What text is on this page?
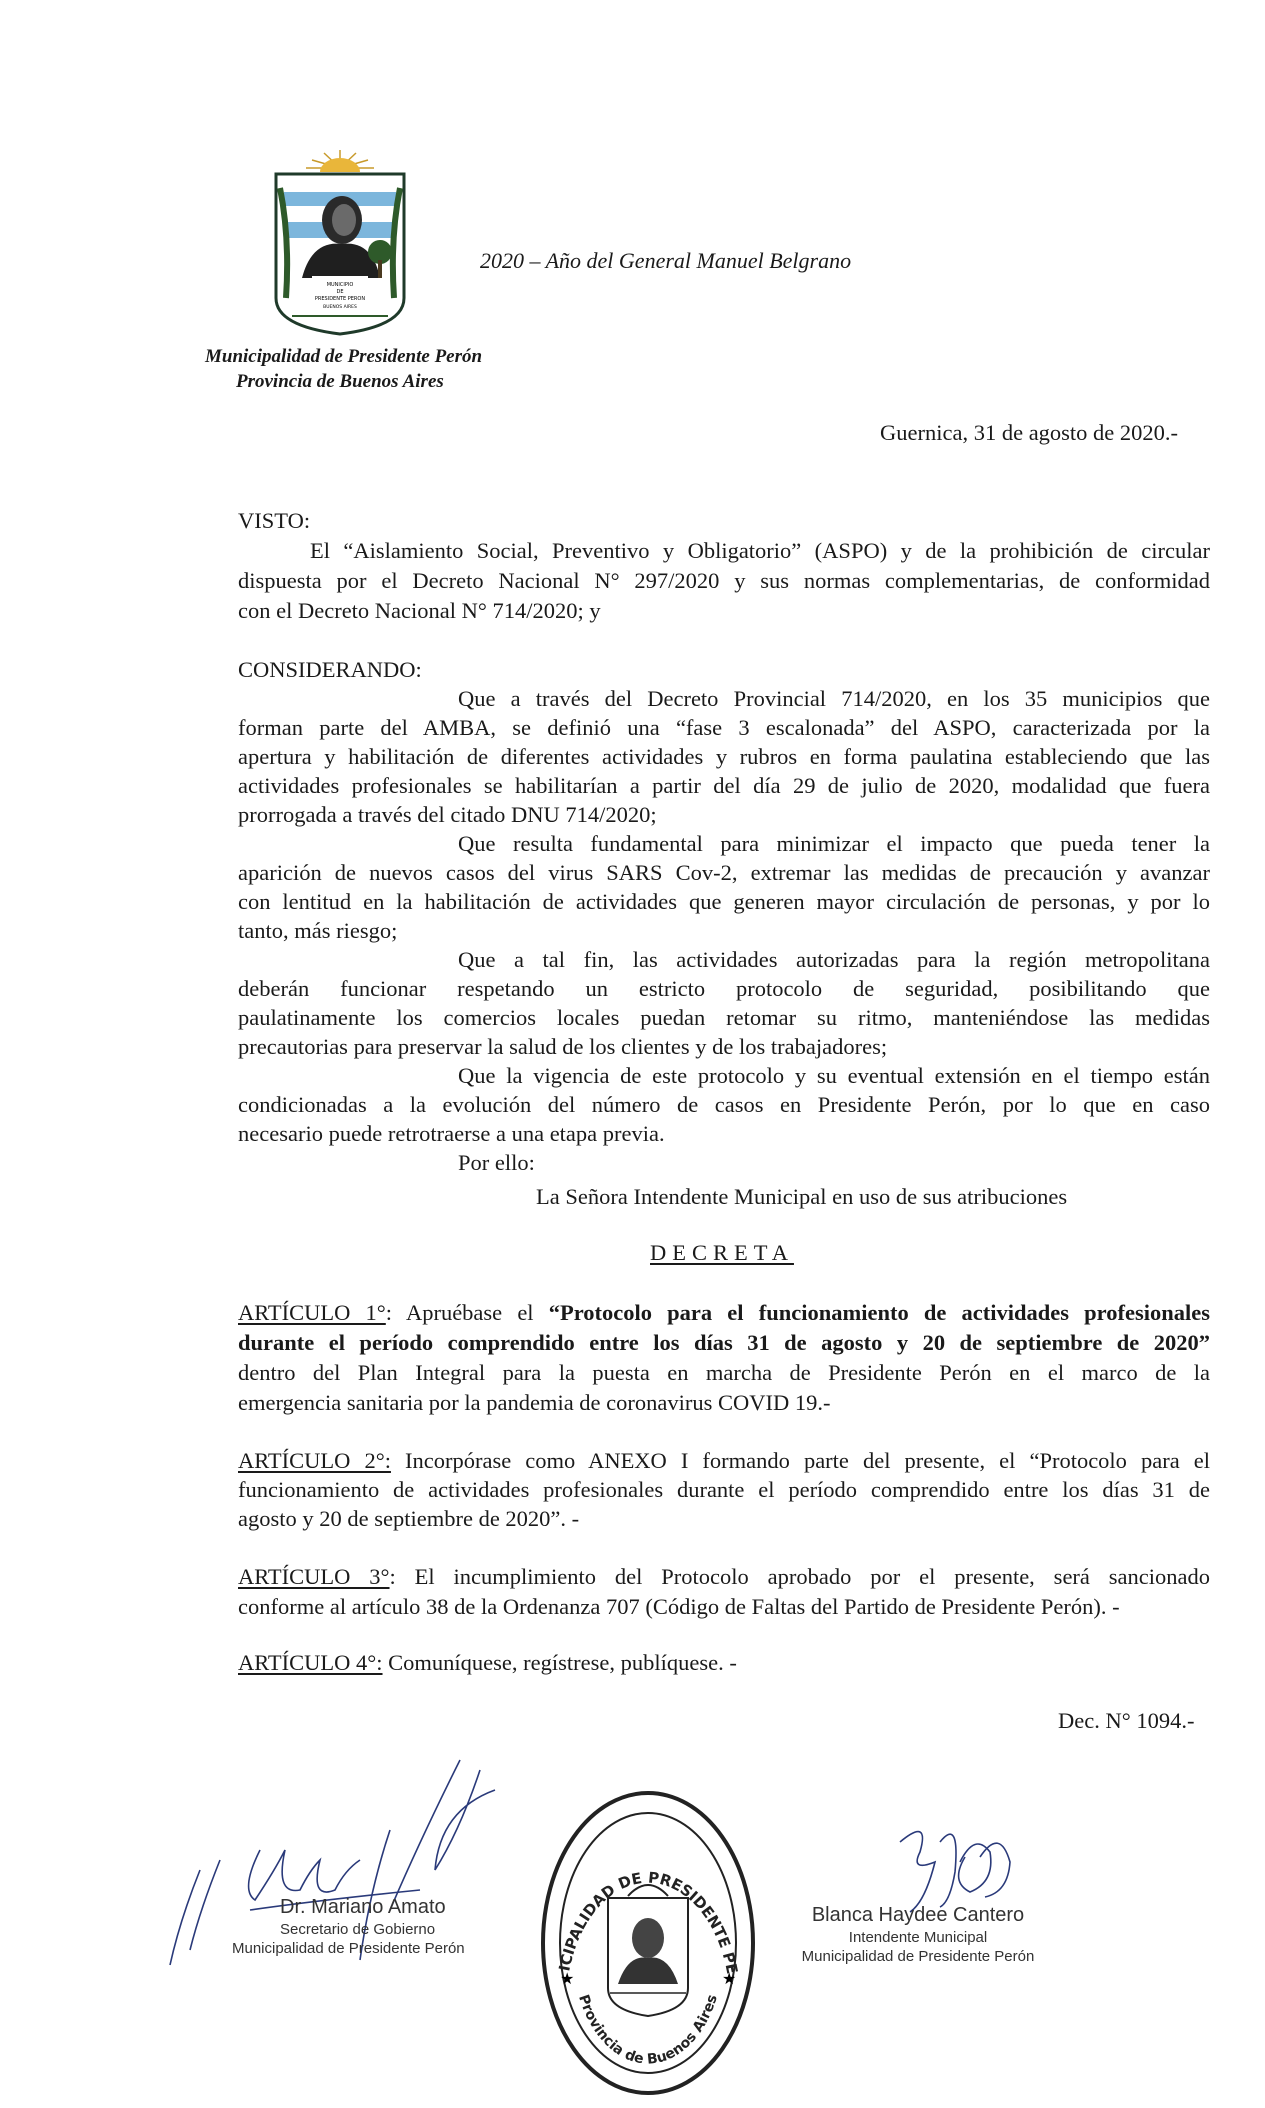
MUNICIPIO
DE
PRESIDENTE PERON
BUENOS AIRES
2020 – Año del General Manuel Belgrano
Municipalidad de Presidente Perón
Provincia de Buenos Aires
Guernica, 31 de agosto de 2020.-
VISTO:
El “Aislamiento Social, Preventivo y Obligatorio” (ASPO) y de la prohibición de circular
dispuesta por el Decreto Nacional N° 297/2020 y sus normas complementarias, de conformidad
con el Decreto Nacional N° 714/2020; y
CONSIDERANDO:
Que a través del Decreto Provincial 714/2020, en los 35 municipios que
forman parte del AMBA, se definió una “fase 3 escalonada” del ASPO, caracterizada por la
apertura y habilitación de diferentes actividades y rubros en forma paulatina estableciendo que las
actividades profesionales se habilitarían a partir del día 29 de julio de 2020, modalidad que fuera
prorrogada a través del citado DNU 714/2020;
Que resulta fundamental para minimizar el impacto que pueda tener la
aparición de nuevos casos del virus SARS Cov-2, extremar las medidas de precaución y avanzar
con lentitud en la habilitación de actividades que generen mayor circulación de personas, y por lo
tanto, más riesgo;
Que a tal fin, las actividades autorizadas para la región metropolitana
deberán funcionar respetando un estricto protocolo de seguridad, posibilitando que
paulatinamente los comercios locales puedan retomar su ritmo, manteniéndose las medidas
precautorias para preservar la salud de los clientes y de los trabajadores;
Que la vigencia de este protocolo y su eventual extensión en el tiempo están
condicionadas a la evolución del número de casos en Presidente Perón, por lo que en caso
necesario puede retrotraerse a una etapa previa.
Por ello:
La Señora Intendente Municipal en uso de sus atribuciones
DECRETA
ARTÍCULO 1°: Apruébase el “Protocolo para el funcionamiento de actividades profesionales
durante el período comprendido entre los días 31 de agosto y 20 de septiembre de 2020”
dentro del Plan Integral para la puesta en marcha de Presidente Perón en el marco de la
emergencia sanitaria por la pandemia de coronavirus COVID 19.-
ARTÍCULO 2°: Incorpórase como ANEXO I formando parte del presente, el “Protocolo para el
funcionamiento de actividades profesionales durante el período comprendido entre los días 31 de
agosto y 20 de septiembre de 2020”. -
ARTÍCULO 3°: El incumplimiento del Protocolo aprobado por el presente, será sancionado
conforme al artículo 38 de la Ordenanza 707 (Código de Faltas del Partido de Presidente Perón). -
ARTÍCULO 4°: Comuníquese, regístrese, publíquese. -
Dec. N° 1094.-
Dr. Mariano Amato
Secretario de Gobierno
Municipalidad de Presidente Perón
ICIPALIDAD DE PRESIDENTE PE
Provincia de Buenos Aires
★	★
Blanca Haydee Cantero
Intendente Municipal
Municipalidad de Presidente Perón
